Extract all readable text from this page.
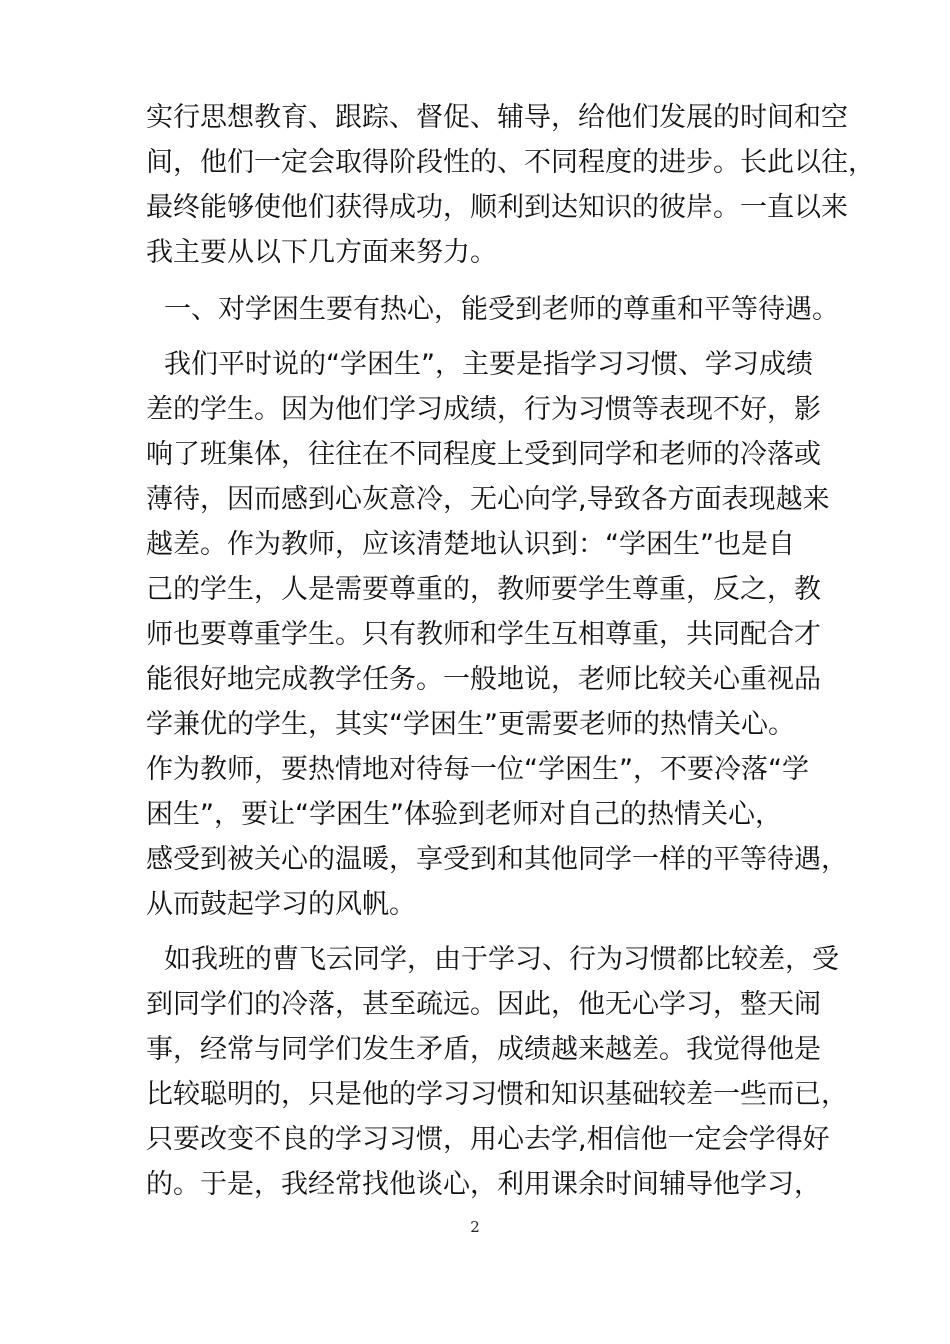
实行思想教育、跟踪、督促、辅导，给他们发展的时间和空
间，他们一定会取得阶段性的、不同程度的进步。长此以往，
最终能够使他们获得成功，顺利到达知识的彼岸。一直以来
我主要从以下几方面来努力。
一、对学困生要有热心，能受到老师的尊重和平等待遇。
我们平时说的“学困生”，主要是指学习习惯、学习成绩
差的学生。因为他们学习成绩，行为习惯等表现不好，影
响了班集体，往往在不同程度上受到同学和老师的冷落或
薄待，因而感到心灰意冷，无心向学,导致各方面表现越来
越差。作为教师，应该清楚地认识到：“学困生”也是自
己的学生，人是需要尊重的，教师要学生尊重，反之，教
师也要尊重学生。只有教师和学生互相尊重，共同配合才
能很好地完成教学任务。一般地说，老师比较关心重视品
学兼优的学生，其实“学困生”更需要老师的热情关心。
作为教师，要热情地对待每一位“学困生”，不要冷落“学
困生”，要让“学困生”体验到老师对自己的热情关心，
感受到被关心的温暖，享受到和其他同学一样的平等待遇，
从而鼓起学习的风帆。
如我班的曹飞云同学，由于学习、行为习惯都比较差，受
到同学们的冷落，甚至疏远。因此，他无心学习，整天闹
事，经常与同学们发生矛盾，成绩越来越差。我觉得他是
比较聪明的，只是他的学习习惯和知识基础较差一些而已，
只要改变不良的学习习惯，用心去学,相信他一定会学得好
的。于是，我经常找他谈心，利用课余时间辅导他学习，
2
